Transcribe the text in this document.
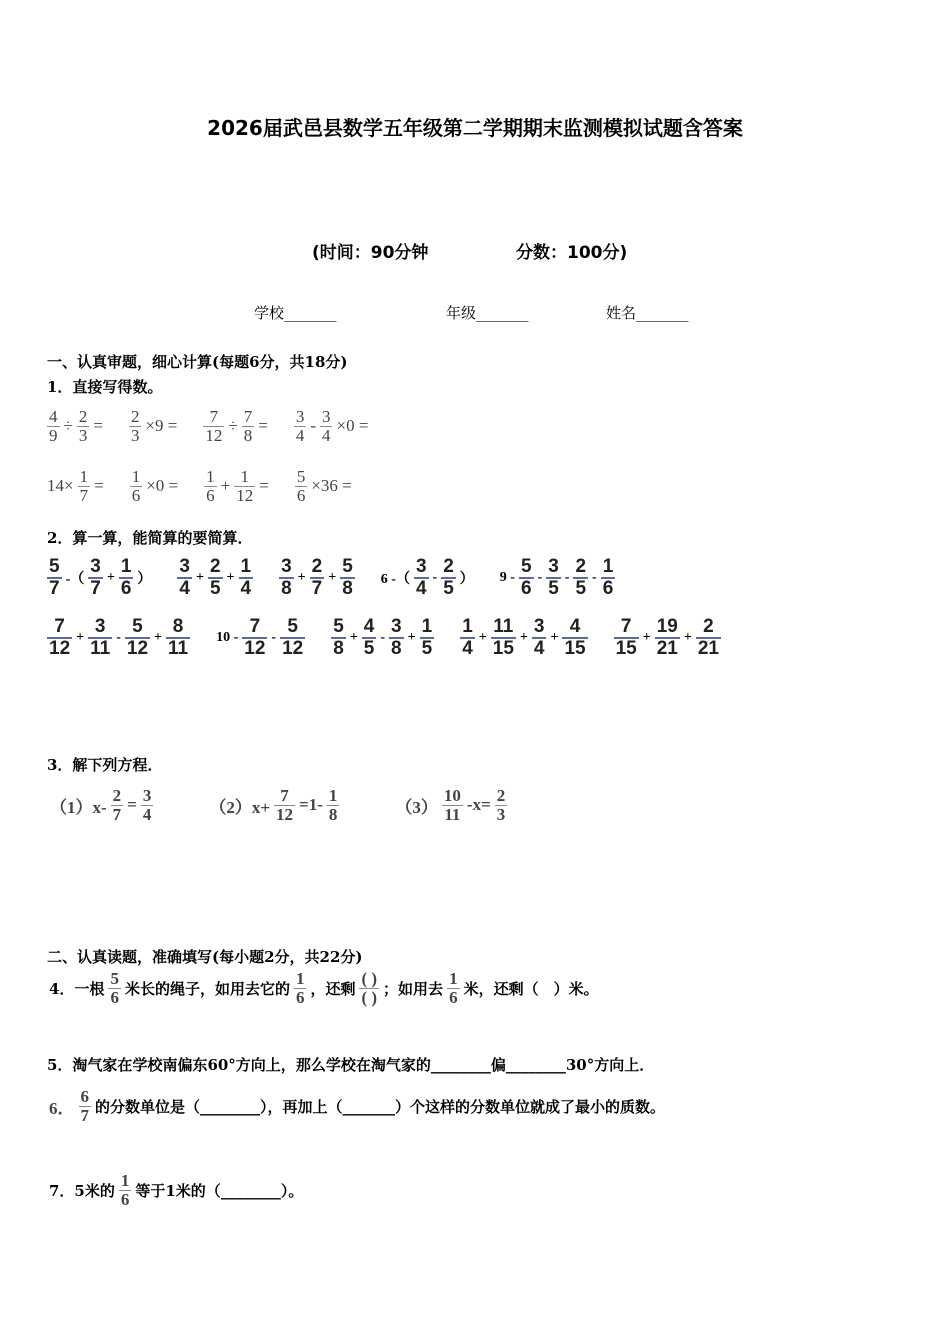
2026届武邑县数学五年级第二学期期末监测模拟试题含答案
(时间：90分钟	分数：100分)
学校_______	年级_______	姓名_______
一、认真审题，细心计算(每题6分，共18分)
1．直接写得数。
$\frac{4}{9} \div \frac{2}{3} = \frac{2}{3} \times 9 = \frac{7}{12} \div \frac{7}{8} = \frac{3}{4} - \frac{3}{4} \times 0$ =
$14\times \frac{1}{7} = \frac{1}{6} \times 0 = \frac{1}{6} + \frac{1}{12} = \frac{5}{6} \times 36$ =
2．算一算，能简算的要简算．
$\frac{5}{7}$ -（ $\frac{3}{7} + \frac{1}{6}$ ） $\frac{3}{4} + \frac{2}{5} + \frac{1}{4} \frac{3}{8} + \frac{2}{7} + \frac{5}{8} 6$ -（ $\frac{3}{4} - \frac{2}{5}$ ） $9 - \frac{5}{6} - \frac{3}{5} - \frac{2}{5} - \frac{1}{6}$
$\frac{7}{12} + \frac{3}{11} - \frac{5}{12} + \frac{8}{11} 10 - \frac{7}{12} - \frac{5}{12} \frac{5}{8} + \frac{4}{5} - \frac{3}{8} + \frac{1}{5} \frac{1}{4} + \frac{11}{15} + \frac{3}{4} + \frac{4}{15} \frac{7}{15} + \frac{19}{21} + \frac{2}{21}$
3．解下列方程．
$(1)x- \frac{2}{7} = \frac{3}{4}$	$(2)x+ \frac{7}{12} =1- \frac{1}{8}$	$(3) \frac{10}{11} -x= \frac{2}{3}$
二、认真读题，准确填写(每小题2分，共22分)
4．一根 $\frac{5}{6}$ 米长的绳子，如用去它的 $\frac{1}{6}$ ，还剩 $\frac{( )}{( )}$ ；如用去 $\frac{1}{6}$ 米，还剩（　）米。
5．淘气家在学校南偏东60°方向上，那么学校在淘气家的________偏________30°方向上．
6． $\frac{6}{7}$ 的分数单位是（________），再加上（_______）个这样的分数单位就成了最小的质数。
7．5米的 $\frac{1}{6}$ 等于1米的（________）。
